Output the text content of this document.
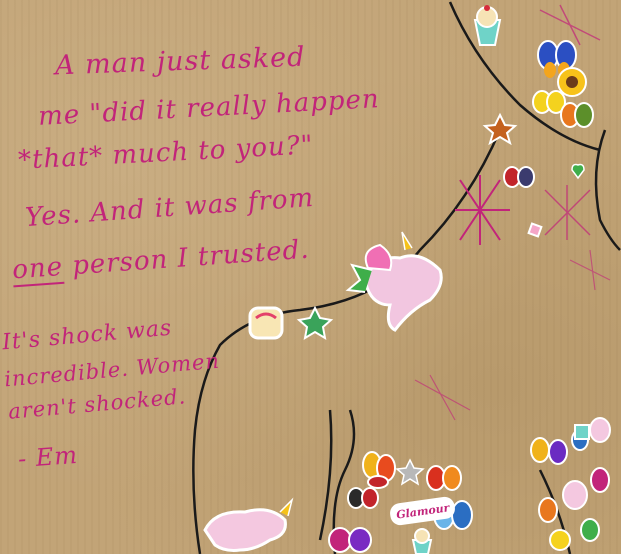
Glamour

A man just asked

me "did it really happen

*that* much to you?"

Yes. And it was from

one person I trusted.

It's shock was

incredible. Women

aren't shocked.

- Em
